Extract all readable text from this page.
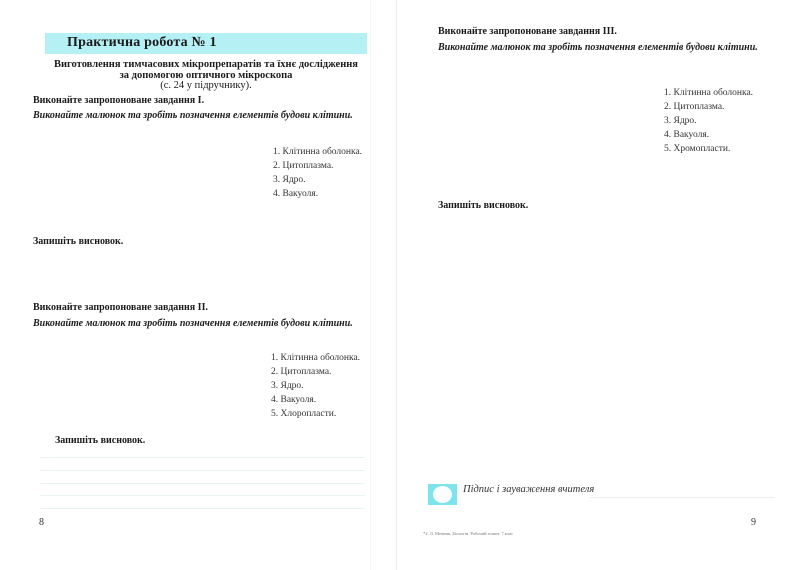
Практична робота № 1
Виготовлення тимчасових мікропрепаратів та їхнє дослідження
за допомогою оптичного мікроскопа
(с. 24 у підручнику).
Виконайте запропоноване завдання І.
Виконайте малюнок та зробіть позначення елементів будови клітини.
1. Клітинна оболонка.
2. Цитоплазма.
3. Ядро.
4. Вакуоля.
Запишіть висновок.
Виконайте запропоноване завдання ІІ.
Виконайте малюнок та зробіть позначення елементів будови клітини.
1. Клітинна оболонка.
2. Цитоплазма.
3. Ядро.
4. Вакуоля.
5. Хлоропласти.
Запишіть висновок.
8
Виконайте запропоноване завдання ІІІ.
Виконайте малюнок та зробіть позначення елементів будови клітини.
1. Клітинна оболонка.
2. Цитоплазма.
3. Ядро.
4. Вакуоля.
5. Хромопласти.
Запишіть висновок.
9
Підпис і зауваження вчителя
*2. Л. Мечник. Біологія. Робочий зошит. 7 клас
